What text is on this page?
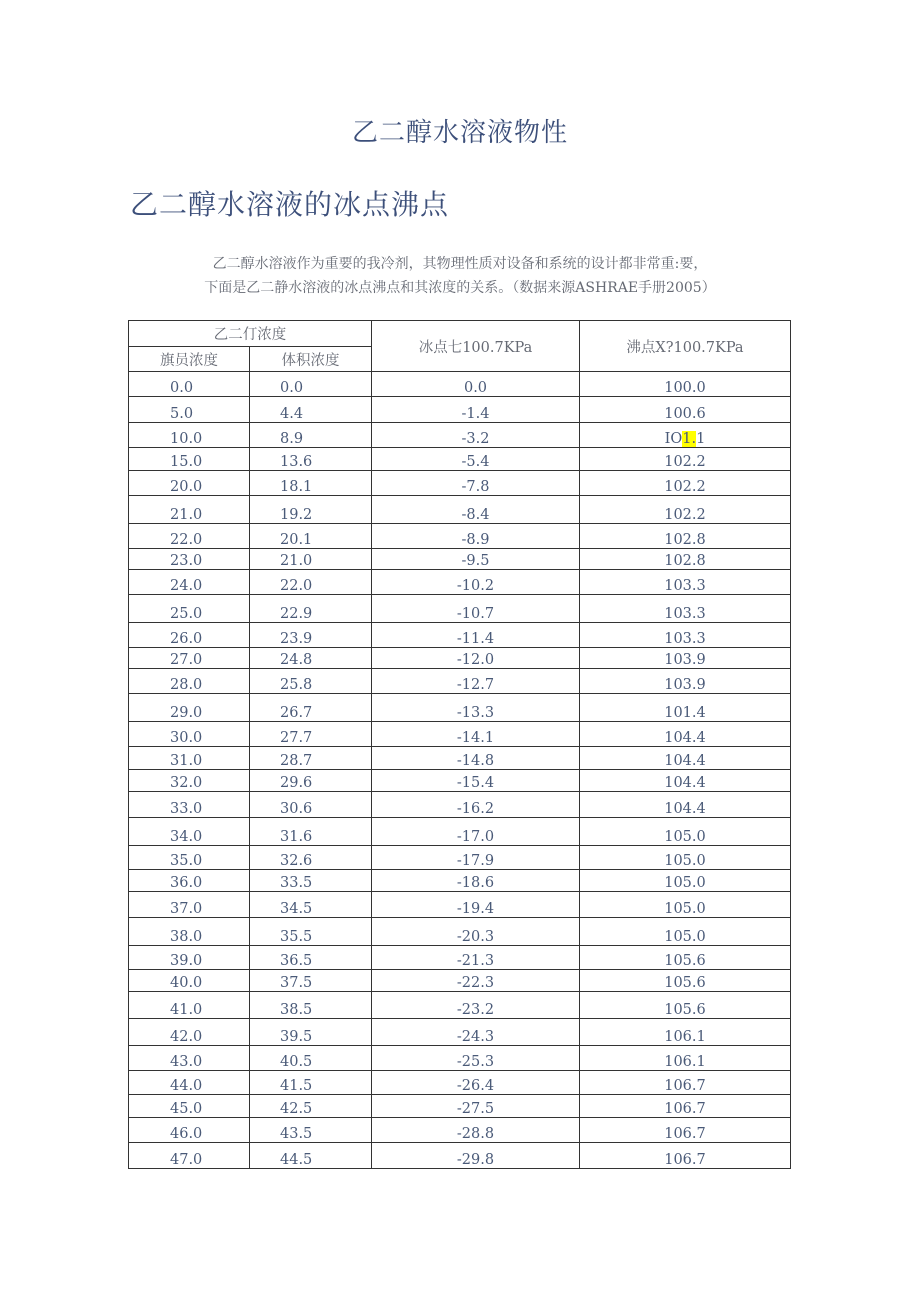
乙二醇水溶液物性
乙二醇水溶液的冰点沸点
乙二醇水溶液作为重要的我冷剂，其物理性质对设备和系统的设计都非常重:要，
下面是乙二静水溶液的冰点沸点和其浓度的关系。（数据来源ASHRAE手册2005）
乙二仃浓度		冰点七100.7KPa	沸点X?100.7KPa
旗员浓度	体积浓度		
0.0	0.0	0.0	100.0
5.0	4.4	-1.4	100.6
10.0	8.9	-3.2	IO1.1
15.0	13.6	-5.4	102.2
20.0	18.1	-7.8	102.2
21.0	19.2	-8.4	102.2
22.0	20.1	-8.9	102.8
23.0	21.0	-9.5	102.8
24.0	22.0	-10.2	103.3
25.0	22.9	-10.7	103.3
26.0	23.9	-11.4	103.3
27.0	24.8	-12.0	103.9
28.0	25.8	-12.7	103.9
29.0	26.7	-13.3	101.4
30.0	27.7	-14.1	104.4
31.0	28.7	-14.8	104.4
32.0	29.6	-15.4	104.4
33.0	30.6	-16.2	104.4
34.0	31.6	-17.0	105.0
35.0	32.6	-17.9	105.0
36.0	33.5	-18.6	105.0
37.0	34.5	-19.4	105.0
38.0	35.5	-20.3	105.0
39.0	36.5	-21.3	105.6
40.0	37.5	-22.3	105.6
41.0	38.5	-23.2	105.6
42.0	39.5	-24.3	106.1
43.0	40.5	-25.3	106.1
44.0	41.5	-26.4	106.7
45.0	42.5	-27.5	106.7
46.0	43.5	-28.8	106.7
47.0	44.5	-29.8	106.7
